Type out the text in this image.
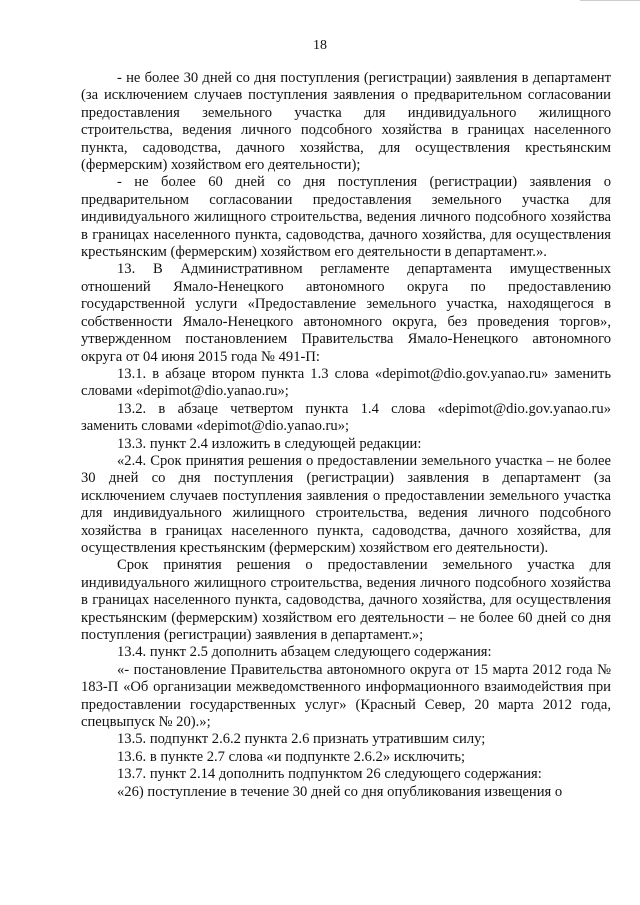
18

- не более 30 дней со дня поступления (регистрации) заявления в департамент (за исключением случаев поступления заявления о предварительном согласовании предоставления земельного участка для индивидуального жилищного строительства, ведения личного подсобного хозяйства в границах населенного пункта, садоводства, дачного хозяйства, для осуществления крестьянским (фермерским) хозяйством его деятельности);

- не более 60 дней со дня поступления (регистрации) заявления о предварительном согласовании предоставления земельного участка для индивидуального жилищного строительства, ведения личного подсобного хозяйства в границах населенного пункта, садоводства, дачного хозяйства, для осуществления крестьянским (фермерским) хозяйством его деятельности в департамент.».

13. В Административном регламенте департамента имущественных отношений Ямало-Ненецкого автономного округа по предоставлению государственной услуги «Предоставление земельного участка, находящегося в собственности Ямало-Ненецкого автономного округа, без проведения торгов», утвержденном постановлением Правительства Ямало-Ненецкого автономного округа от 04 июня 2015 года № 491-П:

13.1. в абзаце втором пункта 1.3 слова «depimot@dio.gov.yanao.ru» заменить словами «depimot@dio.yanao.ru»;

13.2. в абзаце четвертом пункта 1.4 слова «depimot@dio.gov.yanao.ru» заменить словами «depimot@dio.yanao.ru»;

13.3. пункт 2.4 изложить в следующей редакции:

«2.4. Срок принятия решения о предоставлении земельного участка – не более 30 дней со дня поступления (регистрации) заявления в департамент (за исключением случаев поступления заявления о предоставлении земельного участка для индивидуального жилищного строительства, ведения личного подсобного хозяйства в границах населенного пункта, садоводства, дачного хозяйства, для осуществления крестьянским (фермерским) хозяйством его деятельности).

Срок принятия решения о предоставлении земельного участка для индивидуального жилищного строительства, ведения личного подсобного хозяйства в границах населенного пункта, садоводства, дачного хозяйства, для осуществления крестьянским (фермерским) хозяйством его деятельности – не более 60 дней со дня поступления (регистрации) заявления в департамент.»;

13.4. пункт 2.5 дополнить абзацем следующего содержания:

«- постановление Правительства автономного округа от 15 марта 2012 года № 183-П «Об организации межведомственного информационного взаимодействия при предоставлении государственных услуг» (Красный Север, 20 марта 2012 года, спецвыпуск № 20).»;

13.5. подпункт 2.6.2 пункта 2.6 признать утратившим силу;

13.6. в пункте 2.7 слова «и подпункте 2.6.2» исключить;

13.7. пункт 2.14 дополнить подпунктом 26 следующего содержания:

«26) поступление в течение 30 дней со дня опубликования извещения о
